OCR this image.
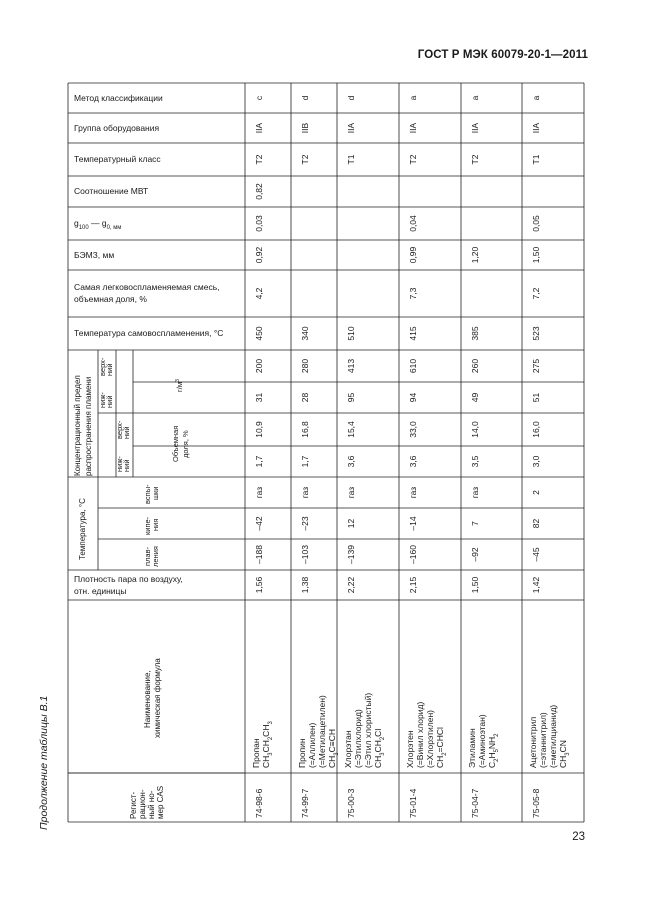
ГОСТ Р МЭК 60079-20-1—2011
Метод классификации
Группа оборудования
Температурный класс
Соотношение МВТ
$g_{100}$ — $g_{0, мм}$
БЭМЗ, мм
Самая легковоспламеняемая смесь,
объемная доля, %
Температура самовоспламенения, °С
Концентрационный предел распространения пламени
верх-
ний
ниж-
ний
верх-
ний
ниж-
ний
$г/м^3$
Объемная доля, %
Температура, °С
вспы- шки
кипе- ния
плав- ления
Плотность пара по воздуху,
отн. единицы
Наименование, химическая формула
Регист- рацион- ный но- мер CAS
c
IIA
T2
0,82
0,03
0,92
4,2
450
200
31
10,9
1,7
газ
–42
–188
1,56
Пропан $CH_3CH_2CH_3$
74-98-6
d
IIB
T2
340
280
28
16,8
1,7
газ
–23
–103
1,38
Пропин (=Аллилен) (=Метилацетилен) $CH_3C\equiv CH$
74-99-7
d
IIA
T1
510
413
95
15,4
3,6
газ
12
–139
2,22
Хлорэтан (=Этилхлорид) (=Этил хлористый) $CH_3CH_2Cl$
75-00-3
a
IIA
T2
0,04
0,99
7,3
415
610
94
33,0
3,6
газ
–14
–160
2,15
Хлорэтен (=Винил хлорид) (=Хлорэтилен) $CH_2=CHCl$
75-01-4
a
IIA
T2
1,20
385
260
49
14,0
3,5
газ
7
–92
1,50
Этиламин (=Аминоэтан) $C_2H_5NH_2$
75-04-7
a
IIA
T1
0,05
1,50
7,2
523
275
51
16,0
3,0
2
82
–45
1,42
Ацетонитрил (=этаннитрил) (=метилцианид) $CH_3CN$
75-05-8
Продолжение таблицы В.1
23
